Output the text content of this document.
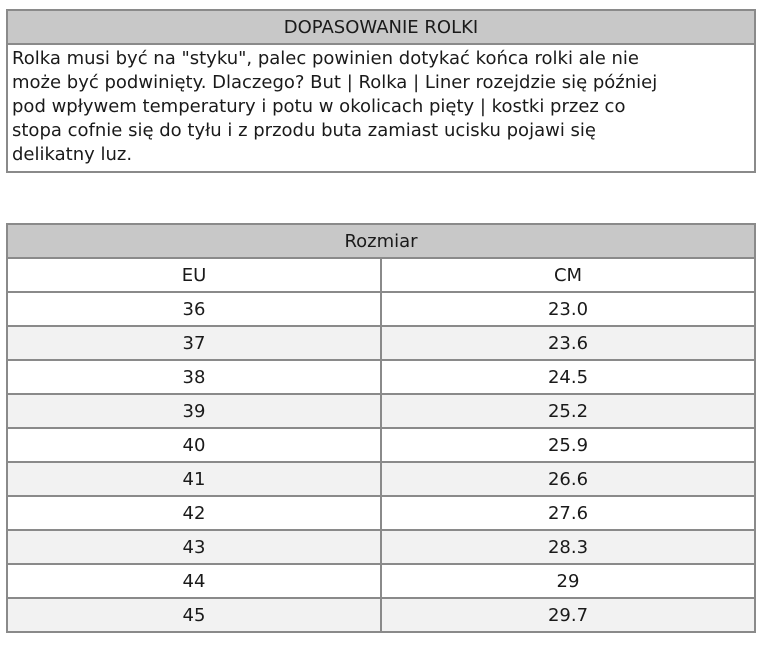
DOPASOWANIE ROLKI
Rolka musi być na "styku", palec powinien dotykać końca rolki ale nie
może być podwinięty. Dlaczego? But | Rolka | Liner rozejdzie się później
pod wpływem temperatury i potu w okolicach pięty | kostki przez co
stopa cofnie się do tyłu i z przodu buta zamiast ucisku pojawi się
delikatny luz.
Rozmiar	
EU	CM
36	23.0
37	23.6
38	24.5
39	25.2
40	25.9
41	26.6
42	27.6
43	28.3
44	29
45	29.7
